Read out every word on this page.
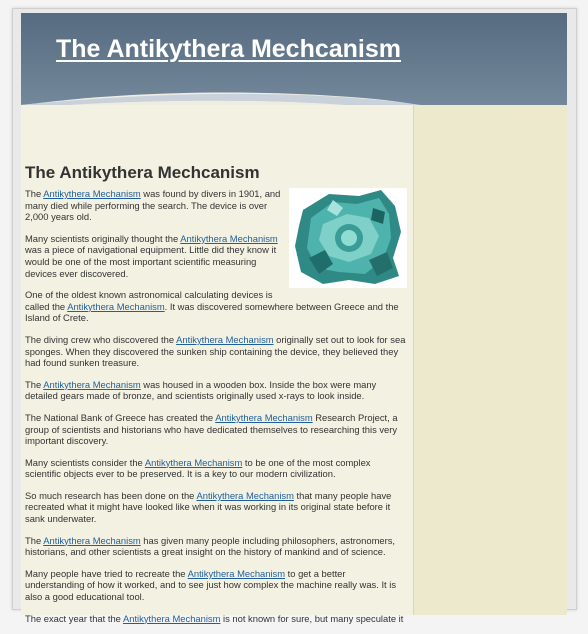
The Antikythera Mechcanism
The Antikythera Mechcanism

The Antikythera Mechanism was found by divers in 1901, and many died while performing the search. The device is over 2,000 years old.

Many scientists originally thought the Antikythera Mechanism was a piece of navigational equipment. Little did they know it would be one of the most important scientific measuring devices ever discovered.

One of the oldest known astronomical calculating devices is called the Antikythera Mechanism. It was discovered somewhere between Greece and the Island of Crete.

The diving crew who discovered the Antikythera Mechanism originally set out to look for sea sponges. When they discovered the sunken ship containing the device, they believed they had found sunken treasure.

The Antikythera Mechanism was housed in a wooden box. Inside the box were many detailed gears made of bronze, and scientists originally used x-rays to look inside.

The National Bank of Greece has created the Antikythera Mechanism Research Project, a group of scientists and historians who have dedicated themselves to researching this very important discovery.

Many scientists consider the Antikythera Mechanism to be one of the most complex scientific objects ever to be preserved. It is a key to our modern civilization.

So much research has been done on the Antikythera Mechanism that many people have recreated what it might have looked like when it was working in its original state before it sank underwater.

The Antikythera Mechanism has given many people including philosophers, astronomers, historians, and other scientists a great insight on the history of mankind and of science.

Many people have tried to recreate the Antikythera Mechanism to get a better understanding of how it worked, and to see just how complex the machine really was. It is also a good educational tool.

The exact year that the Antikythera Mechanism is not known for sure, but many speculate it
